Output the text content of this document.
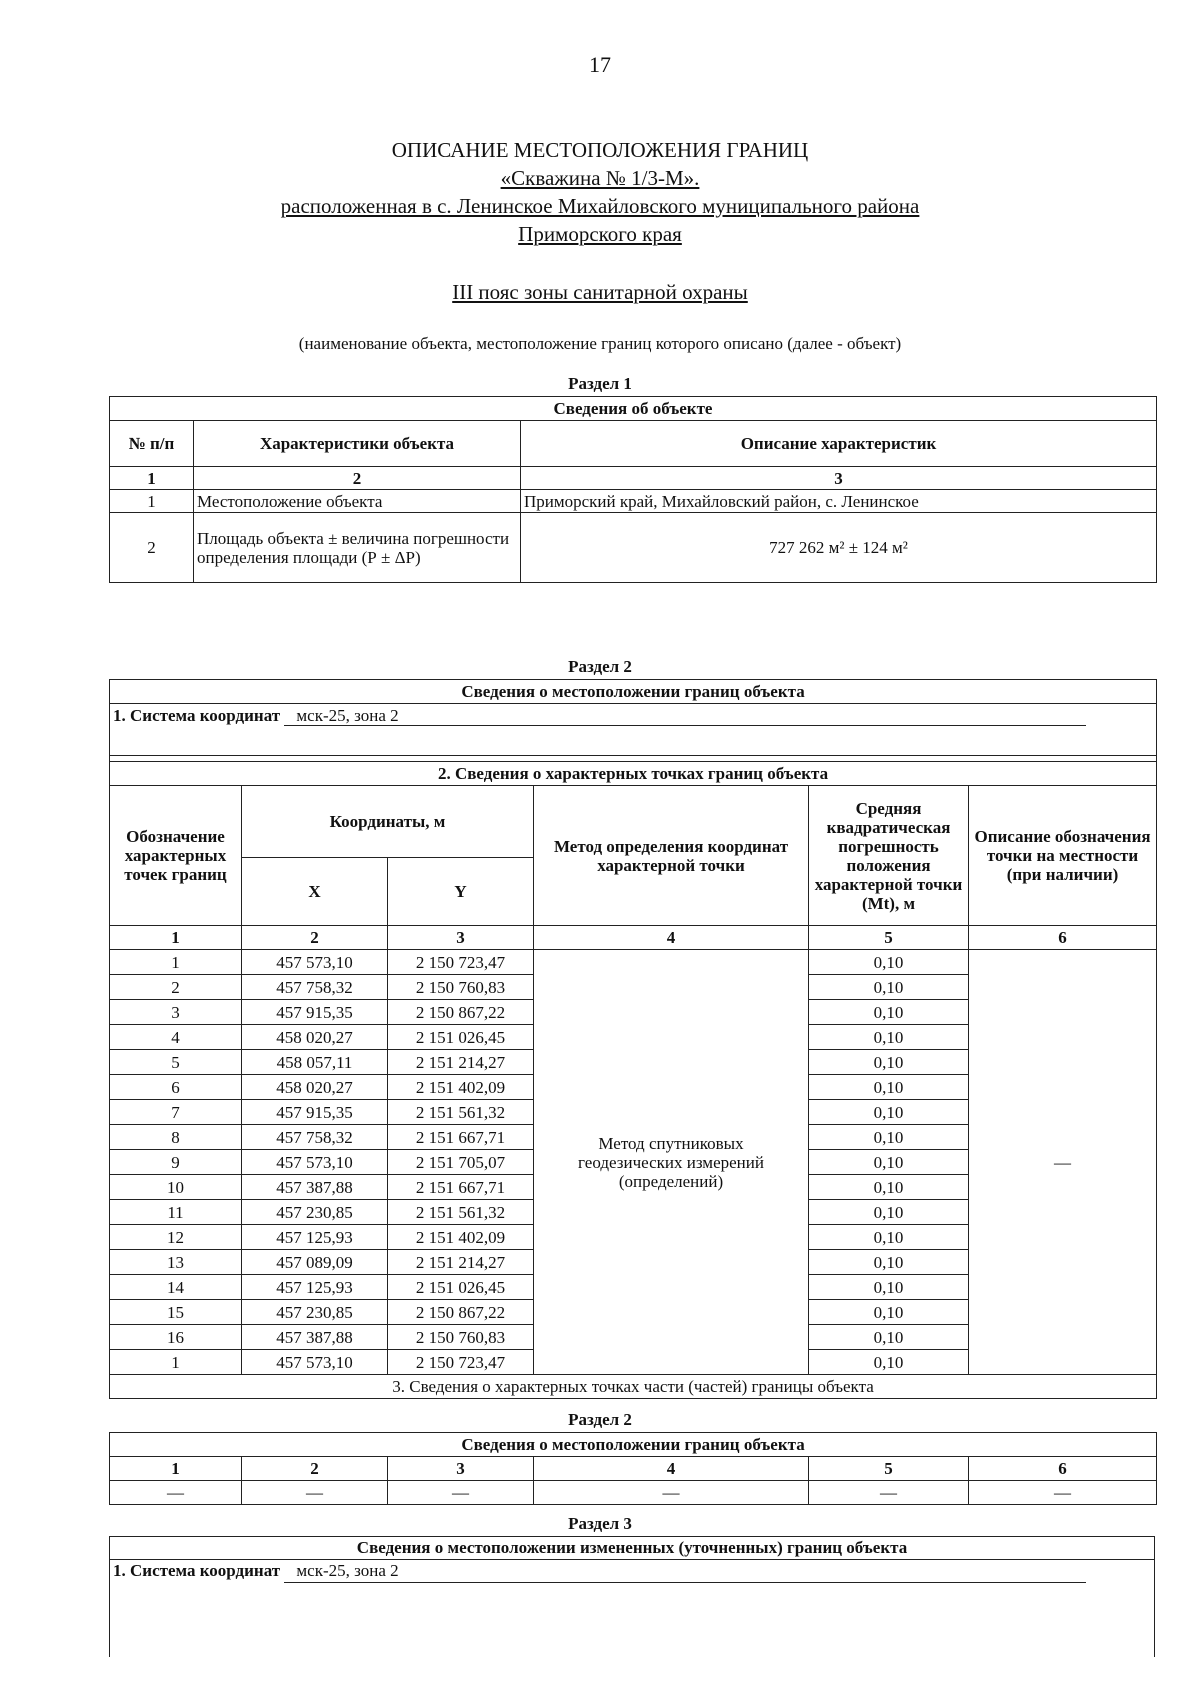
17
ОПИСАНИЕ МЕСТОПОЛОЖЕНИЯ ГРАНИЦ
«Скважина № 1/3-М».
расположенная в с. Ленинское Михайловского муниципального района
Приморского края
III пояс зоны санитарной охраны
(наименование объекта, местоположение границ которого описано (далее - объект)
Раздел 1
Сведения об объекте		
№ п/п	Характеристики объекта	Описание характеристик
1	2	3
1	Местоположение объекта	Приморский край, Михайловский район, с. Ленинское
2	Площадь объекта ± величина погрешности определения площади (Р ± ΔР)	727 262 м² ± 124 м²
Раздел 2
Сведения о местоположении границ объекта					
1. Система координат мск-25, зона 2					

2. Сведения о характерных точках границ объекта					
Обозначение характерных точек границ	Координаты, м		Метод определения координат характерной точки	Средняя квадратическая погрешность положения характерной точки (Mt), м	Описание обозначения точки на местности (при наличии)
	X	Y			
1	2	3	4	5	6
1	457 573,10	2 150 723,47	Метод спутниковых геодезических измерений (определений)	0,10	—
2	457 758,32	2 150 760,83		0,10	
3	457 915,35	2 150 867,22		0,10	
4	458 020,27	2 151 026,45		0,10	
5	458 057,11	2 151 214,27		0,10	
6	458 020,27	2 151 402,09		0,10	
7	457 915,35	2 151 561,32		0,10	
8	457 758,32	2 151 667,71		0,10	
9	457 573,10	2 151 705,07		0,10	
10	457 387,88	2 151 667,71		0,10	
11	457 230,85	2 151 561,32		0,10	
12	457 125,93	2 151 402,09		0,10	
13	457 089,09	2 151 214,27		0,10	
14	457 125,93	2 151 026,45		0,10	
15	457 230,85	2 150 867,22		0,10	
16	457 387,88	2 150 760,83		0,10	
1	457 573,10	2 150 723,47		0,10	
3. Сведения о характерных точках части (частей) границы объекта					
Раздел 2
Сведения о местоположении границ объекта					
1	2	3	4	5	6
—	—	—	—	—	—
Раздел 3
Сведения о местоположении измененных (уточненных) границ объекта
1. Система координат мск-25, зона 2
